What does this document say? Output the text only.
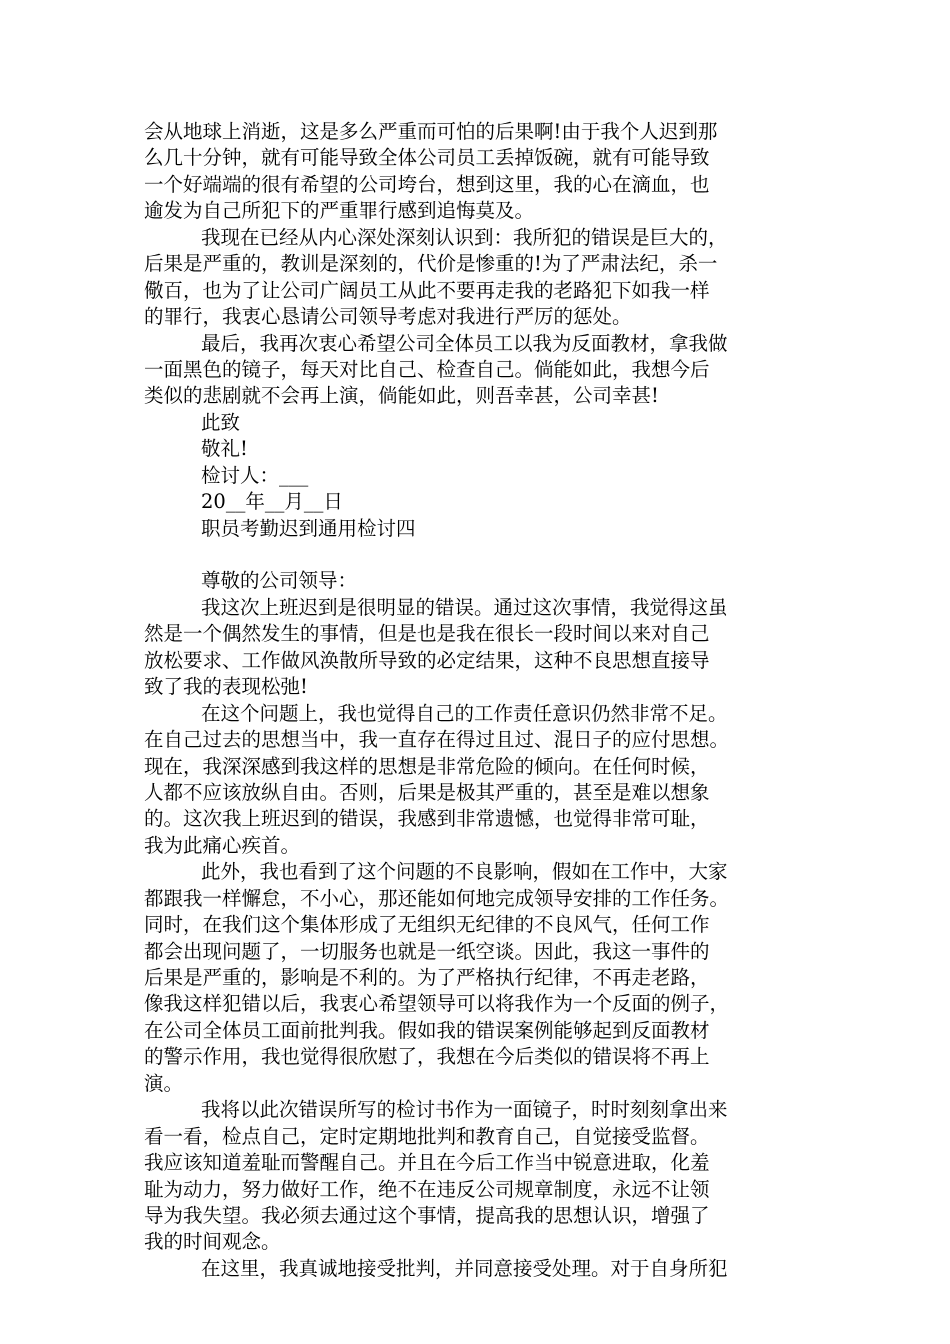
会从地球上消逝，这是多么严重而可怕的后果啊!由于我个人迟到那
么几十分钟，就有可能导致全体公司员工丢掉饭碗，就有可能导致
一个好端端的很有希望的公司垮台，想到这里，我的心在滴血，也
逾发为自己所犯下的严重罪行感到追悔莫及。
我现在已经从内心深处深刻认识到：我所犯的错误是巨大的，
后果是严重的，教训是深刻的，代价是惨重的!为了严肃法纪，杀一
儆百，也为了让公司广阔员工从此不要再走我的老路犯下如我一样
的罪行，我衷心恳请公司领导考虑对我进行严厉的惩处。
最后，我再次衷心希望公司全体员工以我为反面教材，拿我做
一面黑色的镜子，每天对比自己、检查自己。倘能如此，我想今后
类似的悲剧就不会再上演，倘能如此，则吾幸甚，公司幸甚!
此致
敬礼!
检讨人：___
20__年__月__日
职员考勤迟到通用检讨四
尊敬的公司领导：
我这次上班迟到是很明显的错误。通过这次事情，我觉得这虽
然是一个偶然发生的事情，但是也是我在很长一段时间以来对自己
放松要求、工作做风涣散所导致的必定结果，这种不良思想直接导
致了我的表现松弛!
在这个问题上，我也觉得自己的工作责任意识仍然非常不足。
在自己过去的思想当中，我一直存在得过且过、混日子的应付思想。
现在，我深深感到我这样的思想是非常危险的倾向。在任何时候，
人都不应该放纵自由。否则，后果是极其严重的，甚至是难以想象
的。这次我上班迟到的错误，我感到非常遗憾，也觉得非常可耻，
我为此痛心疾首。
此外，我也看到了这个问题的不良影响，假如在工作中，大家
都跟我一样懈怠，不小心，那还能如何地完成领导安排的工作任务。
同时，在我们这个集体形成了无组织无纪律的不良风气，任何工作
都会出现问题了，一切服务也就是一纸空谈。因此，我这一事件的
后果是严重的，影响是不利的。为了严格执行纪律，不再走老路，
像我这样犯错以后，我衷心希望领导可以将我作为一个反面的例子，
在公司全体员工面前批判我。假如我的错误案例能够起到反面教材
的警示作用，我也觉得很欣慰了，我想在今后类似的错误将不再上
演。
我将以此次错误所写的检讨书作为一面镜子，时时刻刻拿出来
看一看，检点自己，定时定期地批判和教育自己，自觉接受监督。
我应该知道羞耻而警醒自己。并且在今后工作当中锐意进取，化羞
耻为动力，努力做好工作，绝不在违反公司规章制度，永远不让领
导为我失望。我必须去通过这个事情，提高我的思想认识，增强了
我的时间观念。
在这里，我真诚地接受批判，并同意接受处理。对于自身所犯
